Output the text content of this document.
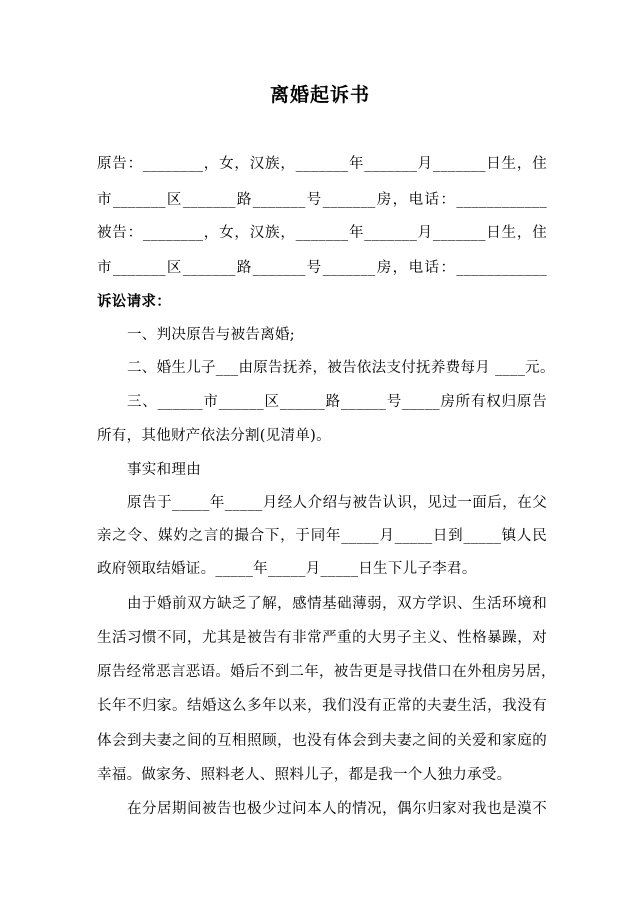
离婚起诉书
原告：________，女，汉族，_______年_______月_______日生，住
市_______区_______路_______号_______房，电话：____________
被告：________，女，汉族，_______年_______月_______日生，住
市_______区_______路_______号_______房，电话：____________
诉讼请求：
一、判决原告与被告离婚;
二、婚生儿子___由原告抚养，被告依法支付抚养费每月 ____元。
三、______市______区______路______号_____房所有权归原告
所有，其他财产依法分割(见清单)。
事实和理由
原告于_____年_____月经人介绍与被告认识，见过一面后，在父
亲之令、媒妁之言的撮合下，于同年_____月_____日到_____镇人民
政府领取结婚证。_____年_____月_____日生下儿子李君。
由于婚前双方缺乏了解，感情基础薄弱，双方学识、生活环境和
生活习惯不同，尤其是被告有非常严重的大男子主义、性格暴躁，对
原告经常恶言恶语。婚后不到二年，被告更是寻找借口在外租房另居，
长年不归家。结婚这么多年以来，我们没有正常的夫妻生活，我没有
体会到夫妻之间的互相照顾，也没有体会到夫妻之间的关爱和家庭的
幸福。做家务、照料老人、照料儿子，都是我一个人独力承受。
在分居期间被告也极少过问本人的情况，偶尔归家对我也是漠不
